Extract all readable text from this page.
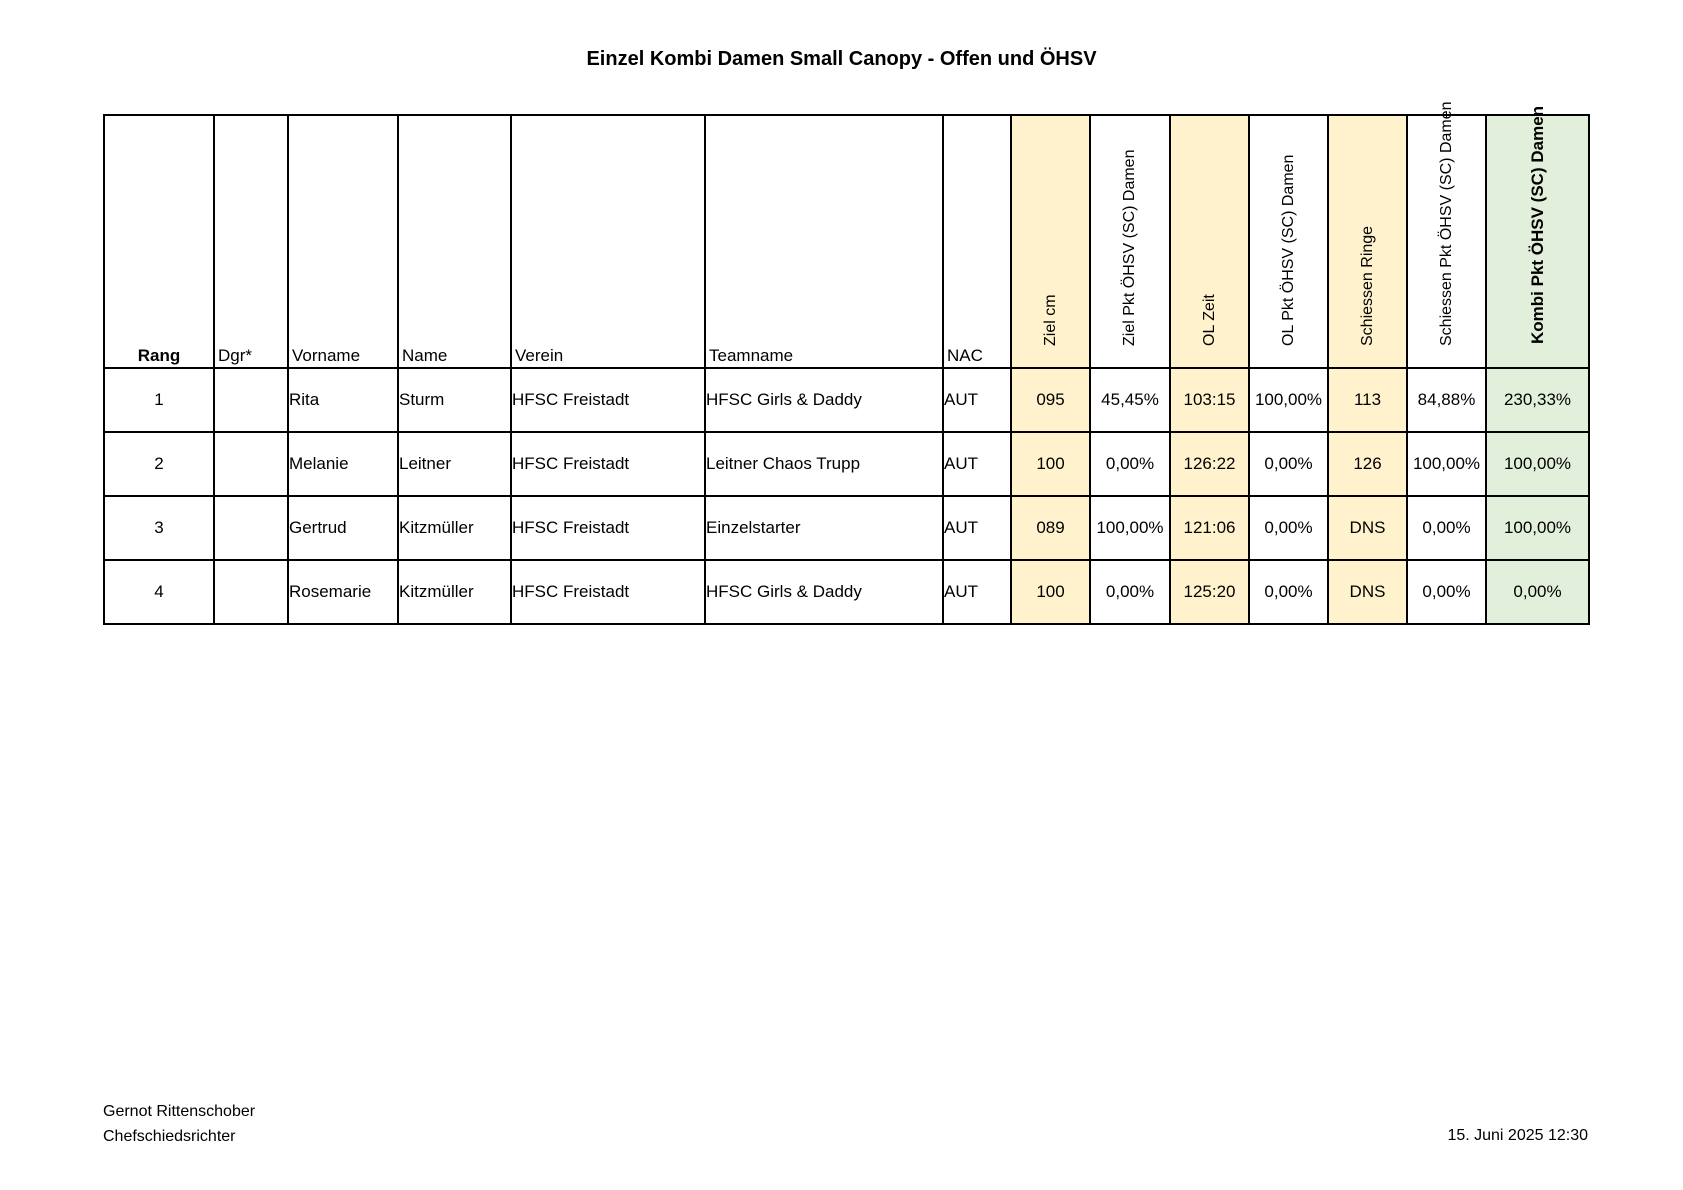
Einzel Kombi Damen Small Canopy - Offen und ÖHSV
Rang	Dgr*	Vorname	Name	Verein	Teamname	NAC	Ziel cm	Ziel Pkt ÖHSV (SC) Damen	OL Zeit	OL Pkt ÖHSV (SC) Damen	Schiessen Ringe	Schiessen Pkt ÖHSV (SC) Damen	Kombi Pkt ÖHSV (SC) Damen

1		Rita	Sturm	HFSC Freistadt	HFSC Girls & Daddy	AUT	095	45,45%	103:15	100,00%	113	84,88%	230,33%
2		Melanie	Leitner	HFSC Freistadt	Leitner Chaos Trupp	AUT	100	0,00%	126:22	0,00%	126	100,00%	100,00%
3		Gertrud	Kitzmüller	HFSC Freistadt	Einzelstarter	AUT	089	100,00%	121:06	0,00%	DNS	0,00%	100,00%
4		Rosemarie	Kitzmüller	HFSC Freistadt	HFSC Girls & Daddy	AUT	100	0,00%	125:20	0,00%	DNS	0,00%	0,00%
Gernot Rittenschober
Chefschiedsrichter	15. Juni 2025 12:30
